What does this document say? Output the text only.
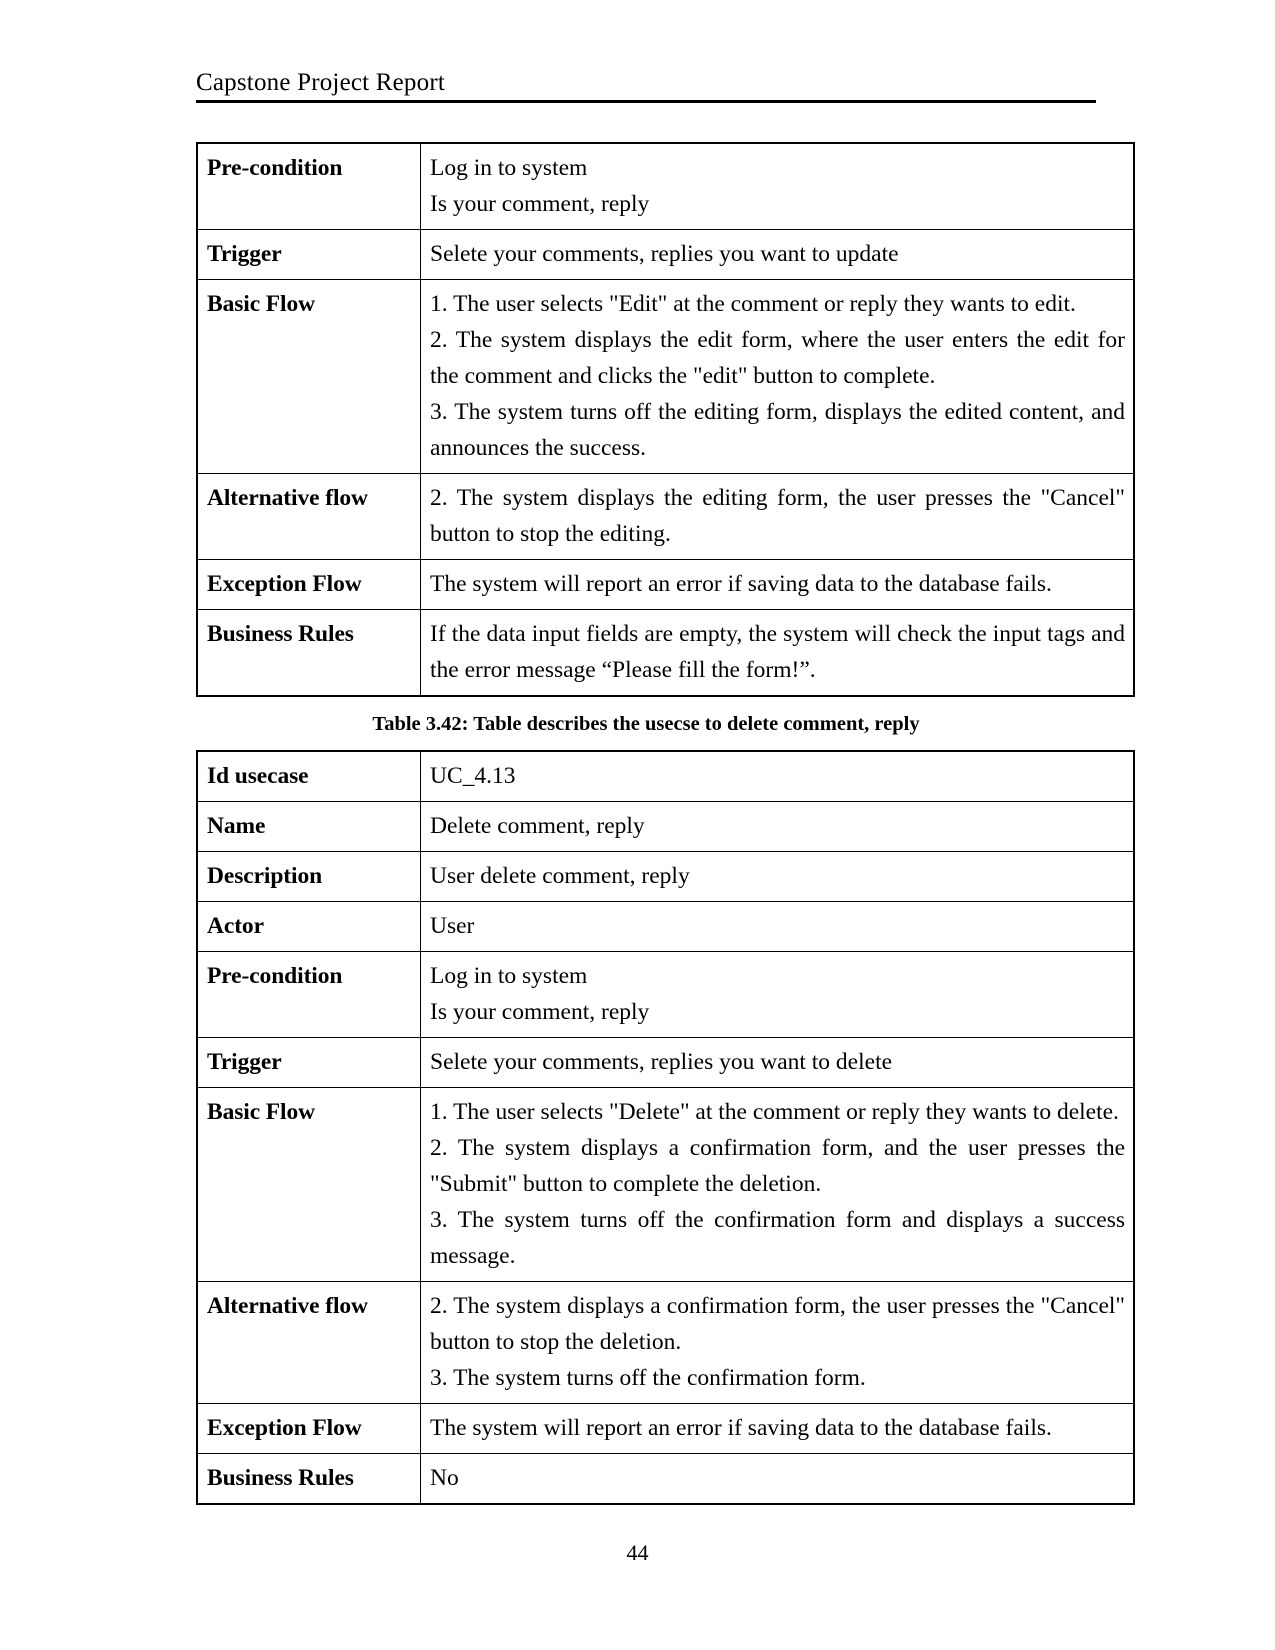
Capstone Project Report
Pre-condition	Log in to system
Is your comment, reply

Trigger	Selete your comments, replies you want to update

Basic Flow	1. The user selects "Edit" at the comment or reply they wants to edit.
2. The system displays the edit form, where the user enters the edit for the comment and clicks the "edit" button to complete.
3. The system turns off the editing form, displays the edited content, and announces the success.

Alternative flow	2. The system displays the editing form, the user presses the "Cancel" button to stop the editing.

Exception Flow	The system will report an error if saving data to the database fails.

Business Rules	If the data input fields are empty, the system will check the input tags and the error message “Please fill the form!”.
Table 3.42: Table describes the usecse to delete comment, reply
Id usecase	UC_4.13

Name	Delete comment, reply

Description	User delete comment, reply

Actor	User

Pre-condition	Log in to system
Is your comment, reply

Trigger	Selete your comments, replies you want to delete

Basic Flow	1. The user selects "Delete" at the comment or reply they wants to delete.
2. The system displays a confirmation form, and the user presses the "Submit" button to complete the deletion.
3. The system turns off the confirmation form and displays a success message.

Alternative flow	2. The system displays a confirmation form, the user presses the "Cancel" button to stop the deletion.
3. The system turns off the confirmation form.

Exception Flow	The system will report an error if saving data to the database fails.

Business Rules	No
44
